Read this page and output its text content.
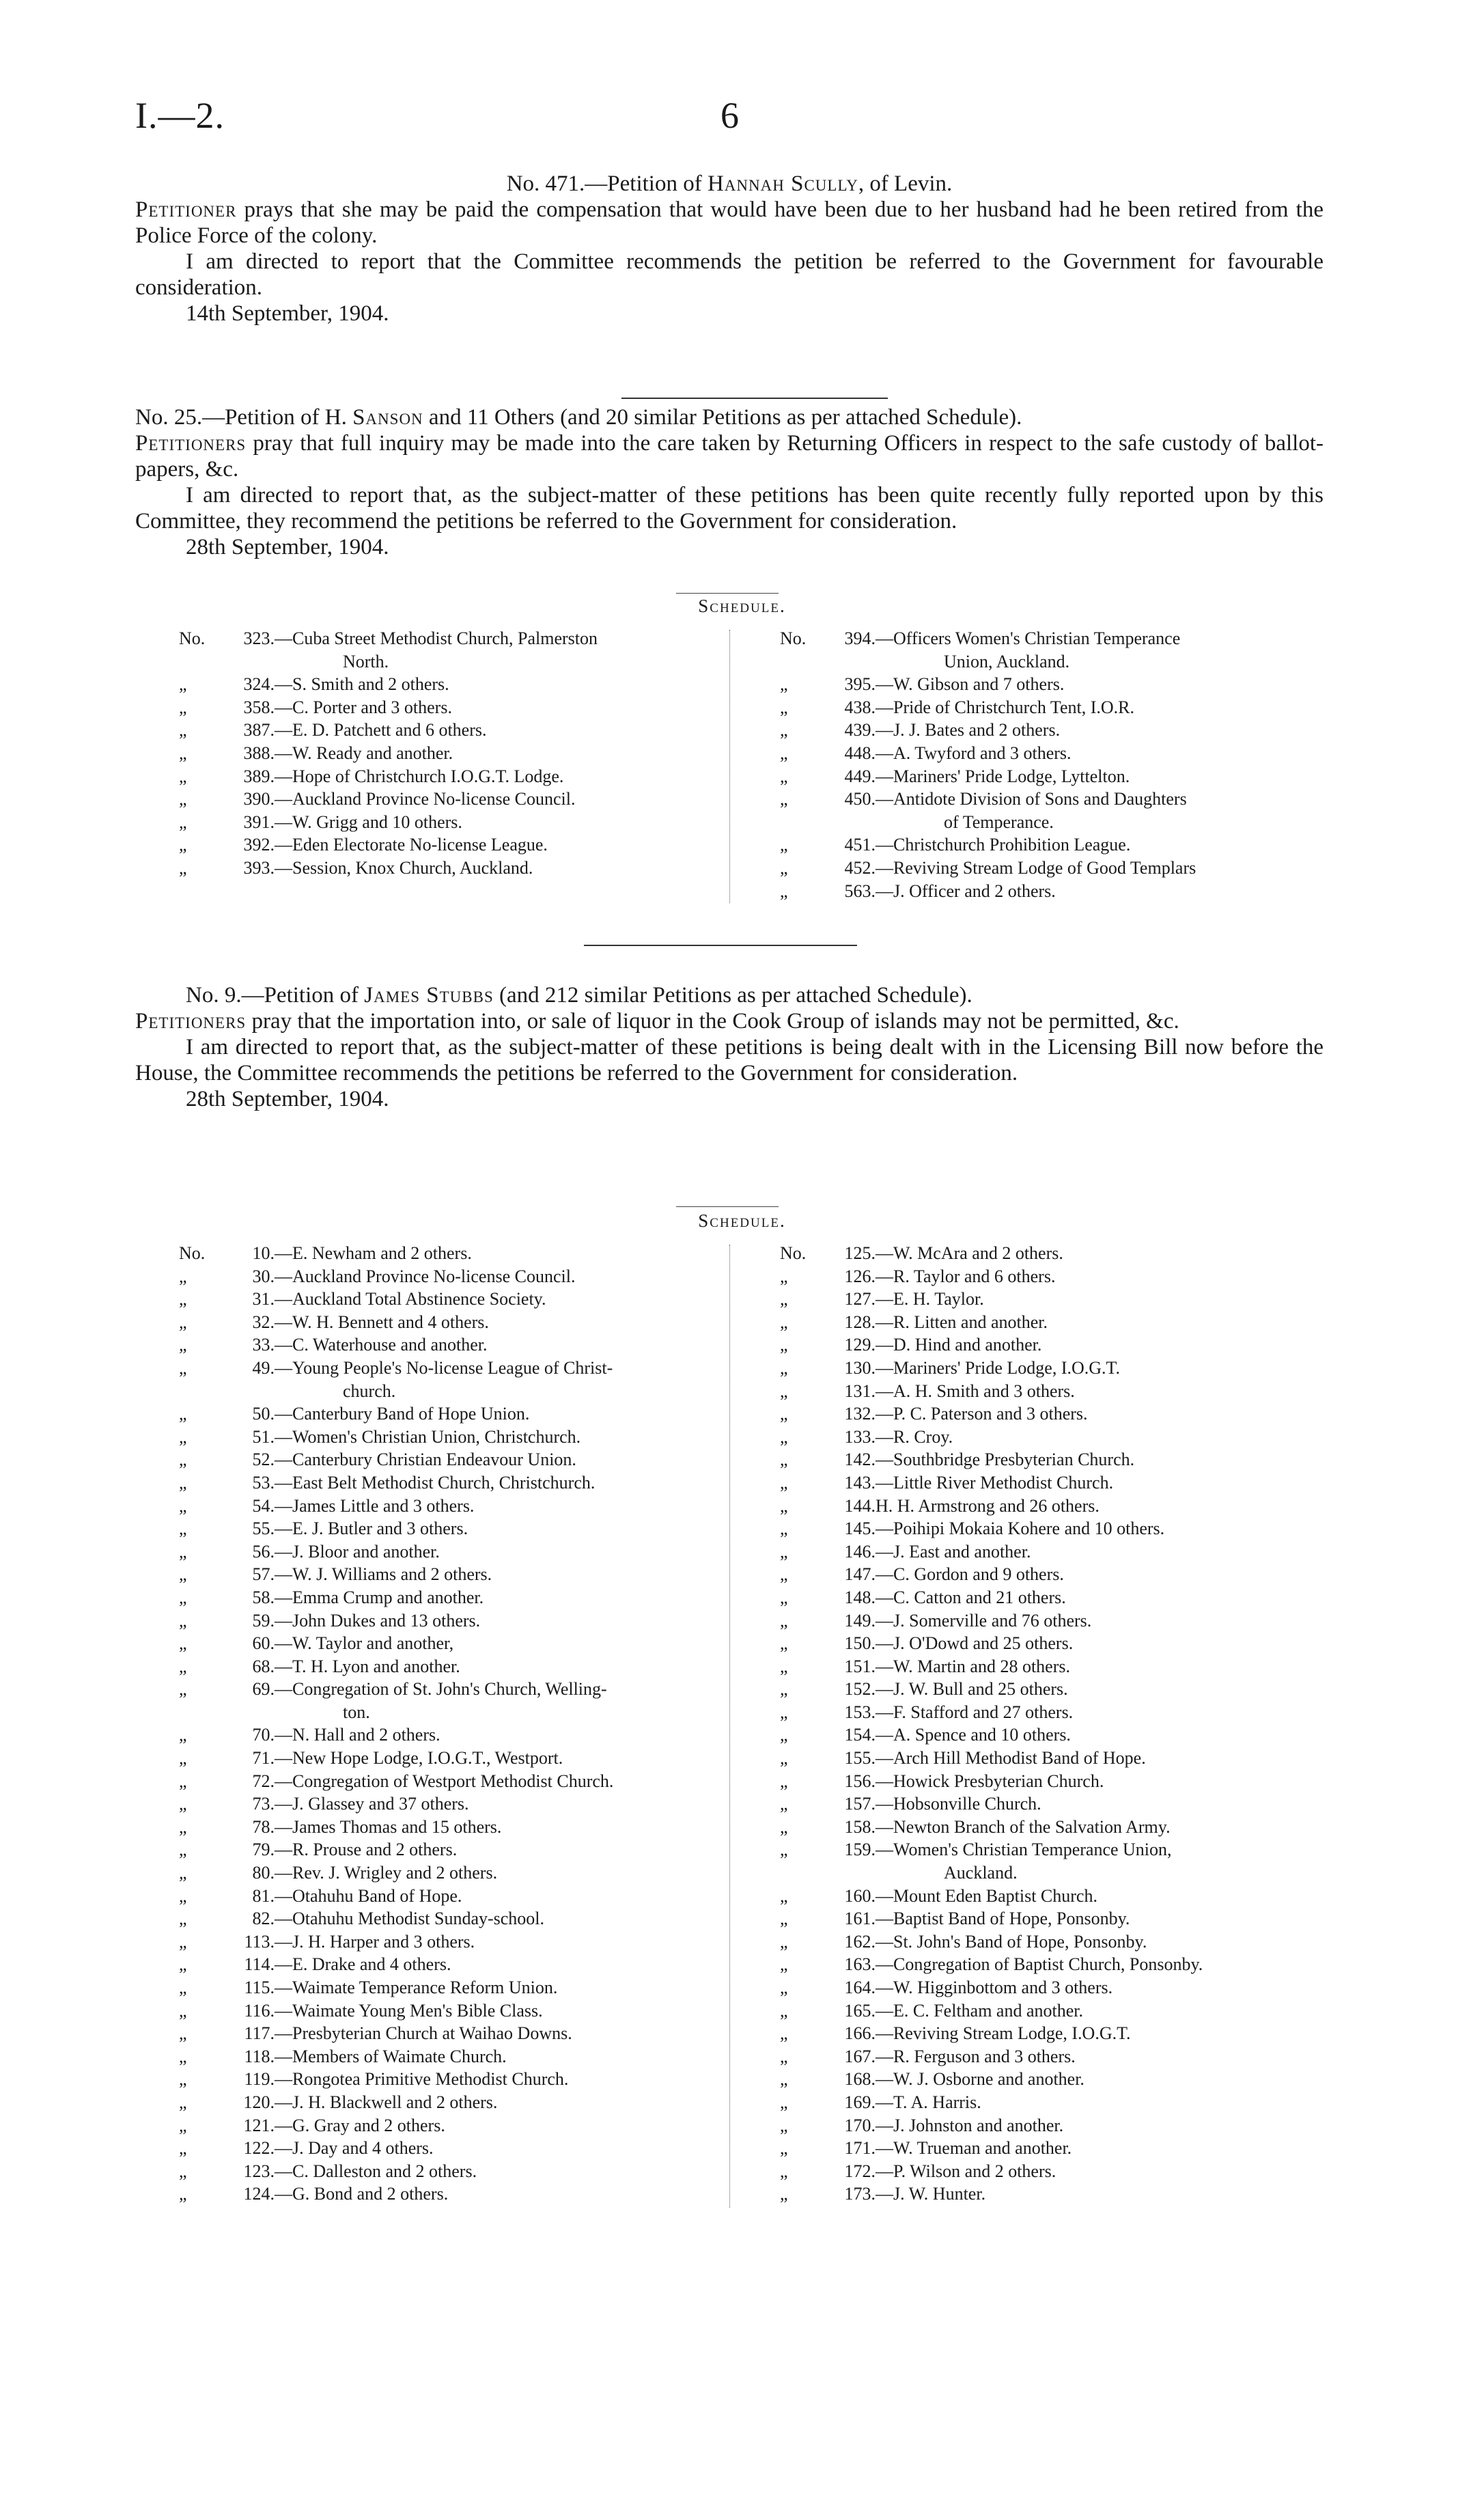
I.—2.	6

No. 471.—Petition of Hannah Scully, of Levin.

Petitioner prays that she may be paid the compensation that would have been due to her husband had he been retired from the Police Force of the colony.

I am directed to report that the Committee recommends the petition be referred to the Government for favourable consideration.

14th September, 1904.

No. 25.—Petition of H. Sanson and 11 Others (and 20 similar Petitions as per attached Schedule).

Petitioners pray that full inquiry may be made into the care taken by Returning Officers in respect to the safe custody of ballot-papers, &c.

I am directed to report that, as the subject-matter of these petitions has been quite recently fully reported upon by this Committee, they recommend the petitions be referred to the Government for consideration.

28th September, 1904.

Schedule.
No.	323. —Cuba Street Methodist Church, Palmerston
North.
„	324. —S. Smith and 2 others.
„	358. —C. Porter and 3 others.
„	387. —E. D. Patchett and 6 others.
„	388. —W. Ready and another.
„	389. —Hope of Christchurch I.O.G.T. Lodge.
„	390. —Auckland Province No-license Council.
„	391. —W. Grigg and 10 others.
„	392. —Eden Electorate No-license League.
„	393. —Session, Knox Church, Auckland.
No.	394. —Officers Women's Christian Temperance
Union, Auckland.
„	395. —W. Gibson and 7 others.
„	438. —Pride of Christchurch Tent, I.O.R.
„	439. —J. J. Bates and 2 others.
„	448. —A. Twyford and 3 others.
„	449. —Mariners' Pride Lodge, Lyttelton.
„	450. —Antidote Division of Sons and Daughters
of Temperance.
„	451. —Christchurch Prohibition League.
„	452. —Reviving Stream Lodge of Good Templars
„	563. —J. Officer and 2 others.

No. 9.—Petition of James Stubbs (and 212 similar Petitions as per attached Schedule).

Petitioners pray that the importation into, or sale of liquor in the Cook Group of islands may not be permitted, &c.

I am directed to report that, as the subject-matter of these petitions is being dealt with in the Licensing Bill now before the House, the Committee recommends the petitions be referred to the Government for consideration.

28th September, 1904.

Schedule.
No.	10. —E. Newham and 2 others.
„	30. —Auckland Province No-license Council.
„	31. —Auckland Total Abstinence Society.
„	32. —W. H. Bennett and 4 others.
„	33. —C. Waterhouse and another.
„	49. —Young People's No-license League of Christ-
church.
„	50. —Canterbury Band of Hope Union.
„	51. —Women's Christian Union, Christchurch.
„	52. —Canterbury Christian Endeavour Union.
„	53. —East Belt Methodist Church, Christchurch.
„	54. —James Little and 3 others.
„	55. —E. J. Butler and 3 others.
„	56. —J. Bloor and another.
„	57. —W. J. Williams and 2 others.
„	58. —Emma Crump and another.
„	59. —John Dukes and 13 others.
„	60. —W. Taylor and another,
„	68. —T. H. Lyon and another.
„	69. —Congregation of St. John's Church, Welling-
ton.
„	70. —N. Hall and 2 others.
„	71. —New Hope Lodge, I.O.G.T., Westport.
„	72. —Congregation of Westport Methodist Church.
„	73. —J. Glassey and 37 others.
„	78. —James Thomas and 15 others.
„	79. —R. Prouse and 2 others.
„	80. —Rev. J. Wrigley and 2 others.
„	81. —Otahuhu Band of Hope.
„	82. —Otahuhu Methodist Sunday-school.
„	113. —J. H. Harper and 3 others.
„	114. —E. Drake and 4 others.
„	115. —Waimate Temperance Reform Union.
„	116. —Waimate Young Men's Bible Class.
„	117. —Presbyterian Church at Waihao Downs.
„	118. —Members of Waimate Church.
„	119. —Rongotea Primitive Methodist Church.
„	120. —J. H. Blackwell and 2 others.
„	121. —G. Gray and 2 others.
„	122. —J. Day and 4 others.
„	123. —C. Dalleston and 2 others.
„	124. —G. Bond and 2 others.
No.	125. —W. McAra and 2 others.
„	126. —R. Taylor and 6 others.
„	127. —E. H. Taylor.
„	128. —R. Litten and another.
„	129. —D. Hind and another.
„	130. —Mariners' Pride Lodge, I.O.G.T.
„	131. —A. H. Smith and 3 others.
„	132. —P. C. Paterson and 3 others.
„	133. —R. Croy.
„	142. —Southbridge Presbyterian Church.
„	143. —Little River Methodist Church.
„	144. H. H. Armstrong and 26 others.
„	145. —Poihipi Mokaia Kohere and 10 others.
„	146. —J. East and another.
„	147. —C. Gordon and 9 others.
„	148. —C. Catton and 21 others.
„	149. —J. Somerville and 76 others.
„	150. —J. O'Dowd and 25 others.
„	151. —W. Martin and 28 others.
„	152. —J. W. Bull and 25 others.
„	153. —F. Stafford and 27 others.
„	154. —A. Spence and 10 others.
„	155. —Arch Hill Methodist Band of Hope.
„	156. —Howick Presbyterian Church.
„	157. —Hobsonville Church.
„	158. —Newton Branch of the Salvation Army.
„	159. —Women's Christian Temperance Union,
Auckland.
„	160. —Mount Eden Baptist Church.
„	161. —Baptist Band of Hope, Ponsonby.
„	162. —St. John's Band of Hope, Ponsonby.
„	163. —Congregation of Baptist Church, Ponsonby.
„	164. —W. Higginbottom and 3 others.
„	165. —E. C. Feltham and another.
„	166. —Reviving Stream Lodge, I.O.G.T.
„	167. —R. Ferguson and 3 others.
„	168. —W. J. Osborne and another.
„	169. —T. A. Harris.
„	170. —J. Johnston and another.
„	171. —W. Trueman and another.
„	172. —P. Wilson and 2 others.
„	173. —J. W. Hunter.
